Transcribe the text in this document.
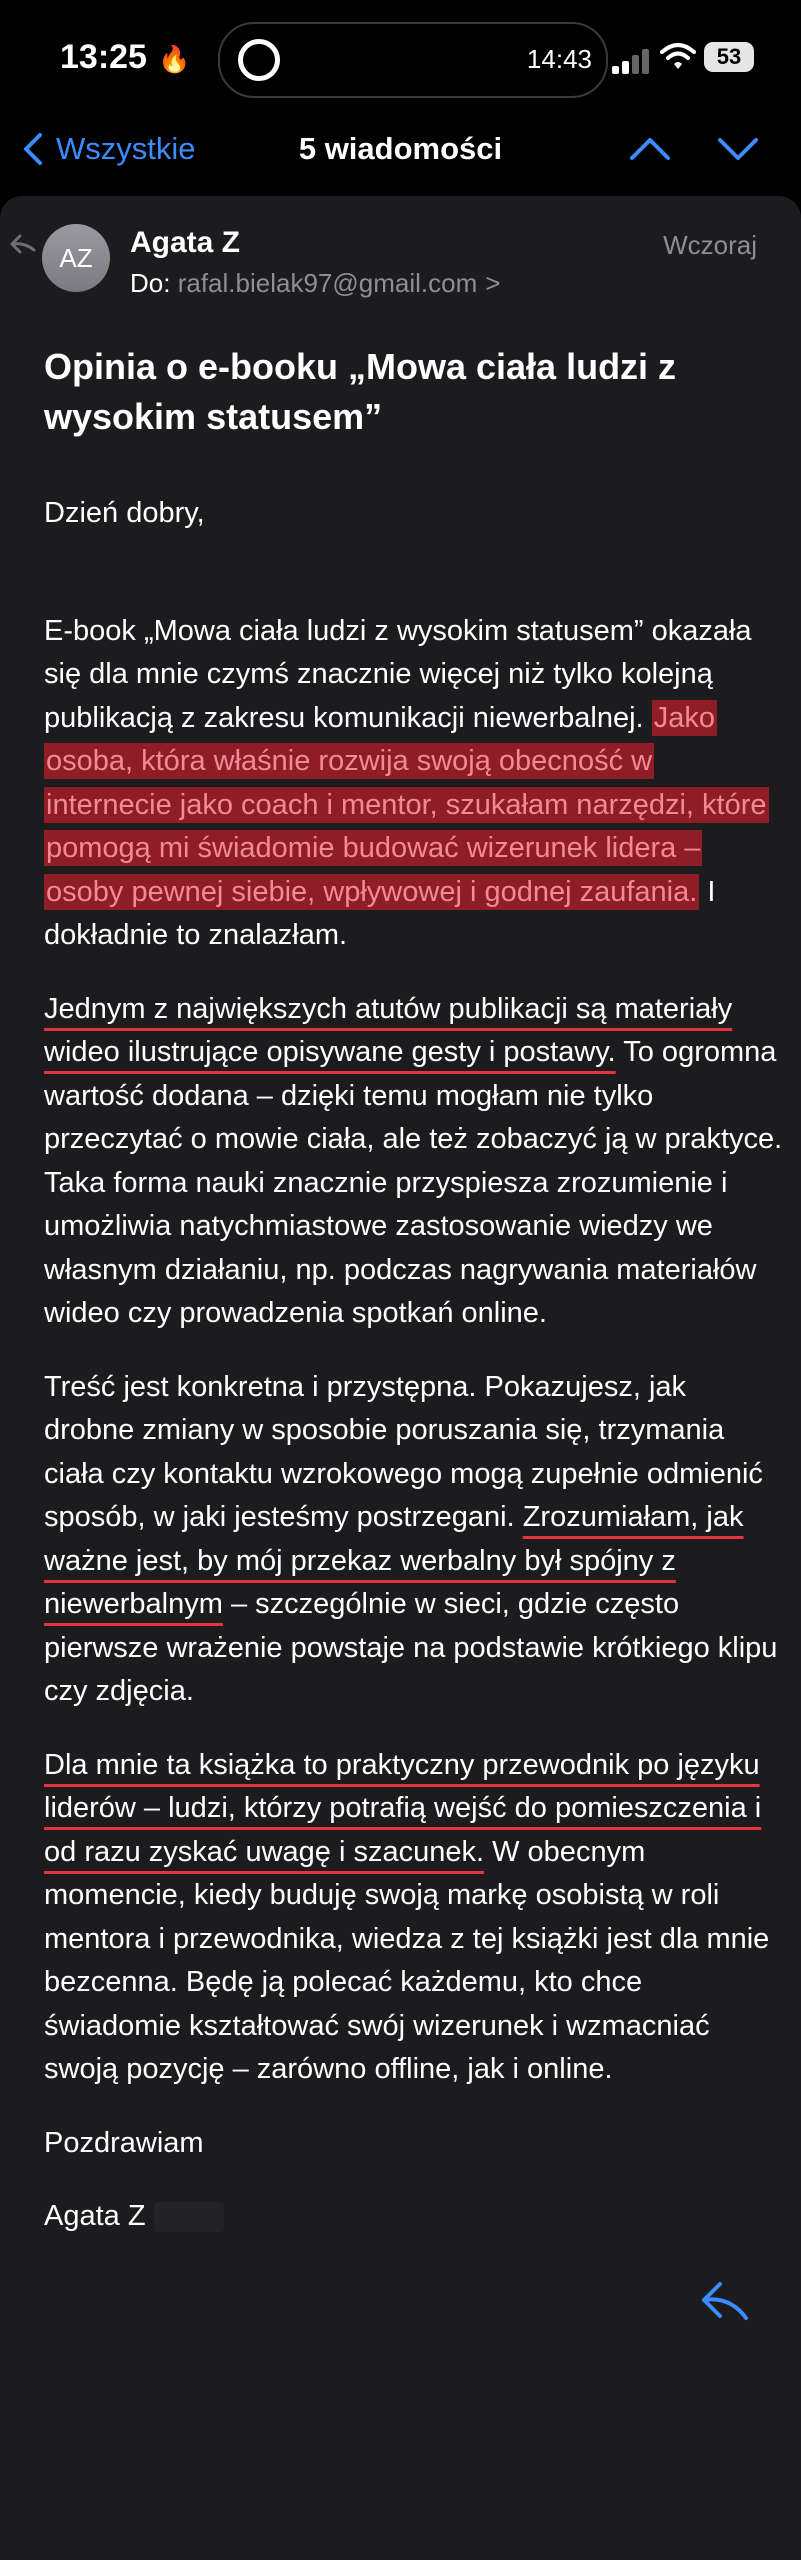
13:25 🔥	14:43	53
Wszystkie	5 wiadomości
AZ	Agata Z
Do: rafal.bielak97@gmail.com >
Wczoraj
Opinia o e-booku „Mowa ciała ludzi z wysokim statusem”

Dzień dobry,

E-book „Mowa ciała ludzi z wysokim statusem” okazała się dla mnie czymś znacznie więcej niż tylko kolejną publikacją z zakresu komunikacji niewerbalnej. Jako osoba, która właśnie rozwija swoją obecność w internecie jako coach i mentor, szukałam narzędzi, które pomogą mi świadomie budować wizerunek lidera – osoby pewnej siebie, wpływowej i godnej zaufania. I dokładnie to znalazłam.

Jednym z największych atutów publikacji są materiały wideo ilustrujące opisywane gesty i postawy. To ogromna wartość dodana – dzięki temu mogłam nie tylko przeczytać o mowie ciała, ale też zobaczyć ją w praktyce. Taka forma nauki znacznie przyspiesza zrozumienie i umożliwia natychmiastowe zastosowanie wiedzy we własnym działaniu, np. podczas nagrywania materiałów wideo czy prowadzenia spotkań online.

Treść jest konkretna i przystępna. Pokazujesz, jak drobne zmiany w sposobie poruszania się, trzymania ciała czy kontaktu wzrokowego mogą zupełnie odmienić sposób, w jaki jesteśmy postrzegani. Zrozumiałam, jak ważne jest, by mój przekaz werbalny był spójny z niewerbalnym – szczególnie w sieci, gdzie często pierwsze wrażenie powstaje na podstawie krótkiego klipu czy zdjęcia.

Dla mnie ta książka to praktyczny przewodnik po języku liderów – ludzi, którzy potrafią wejść do pomieszczenia i od razu zyskać uwagę i szacunek. W obecnym momencie, kiedy buduję swoją markę osobistą w roli mentora i przewodnika, wiedza z tej książki jest dla mnie bezcenna. Będę ją polecać każdemu, kto chce świadomie kształtować swój wizerunek i wzmacniać swoją pozycję – zarówno offline, jak i online.

Pozdrawiam

Agata Z
